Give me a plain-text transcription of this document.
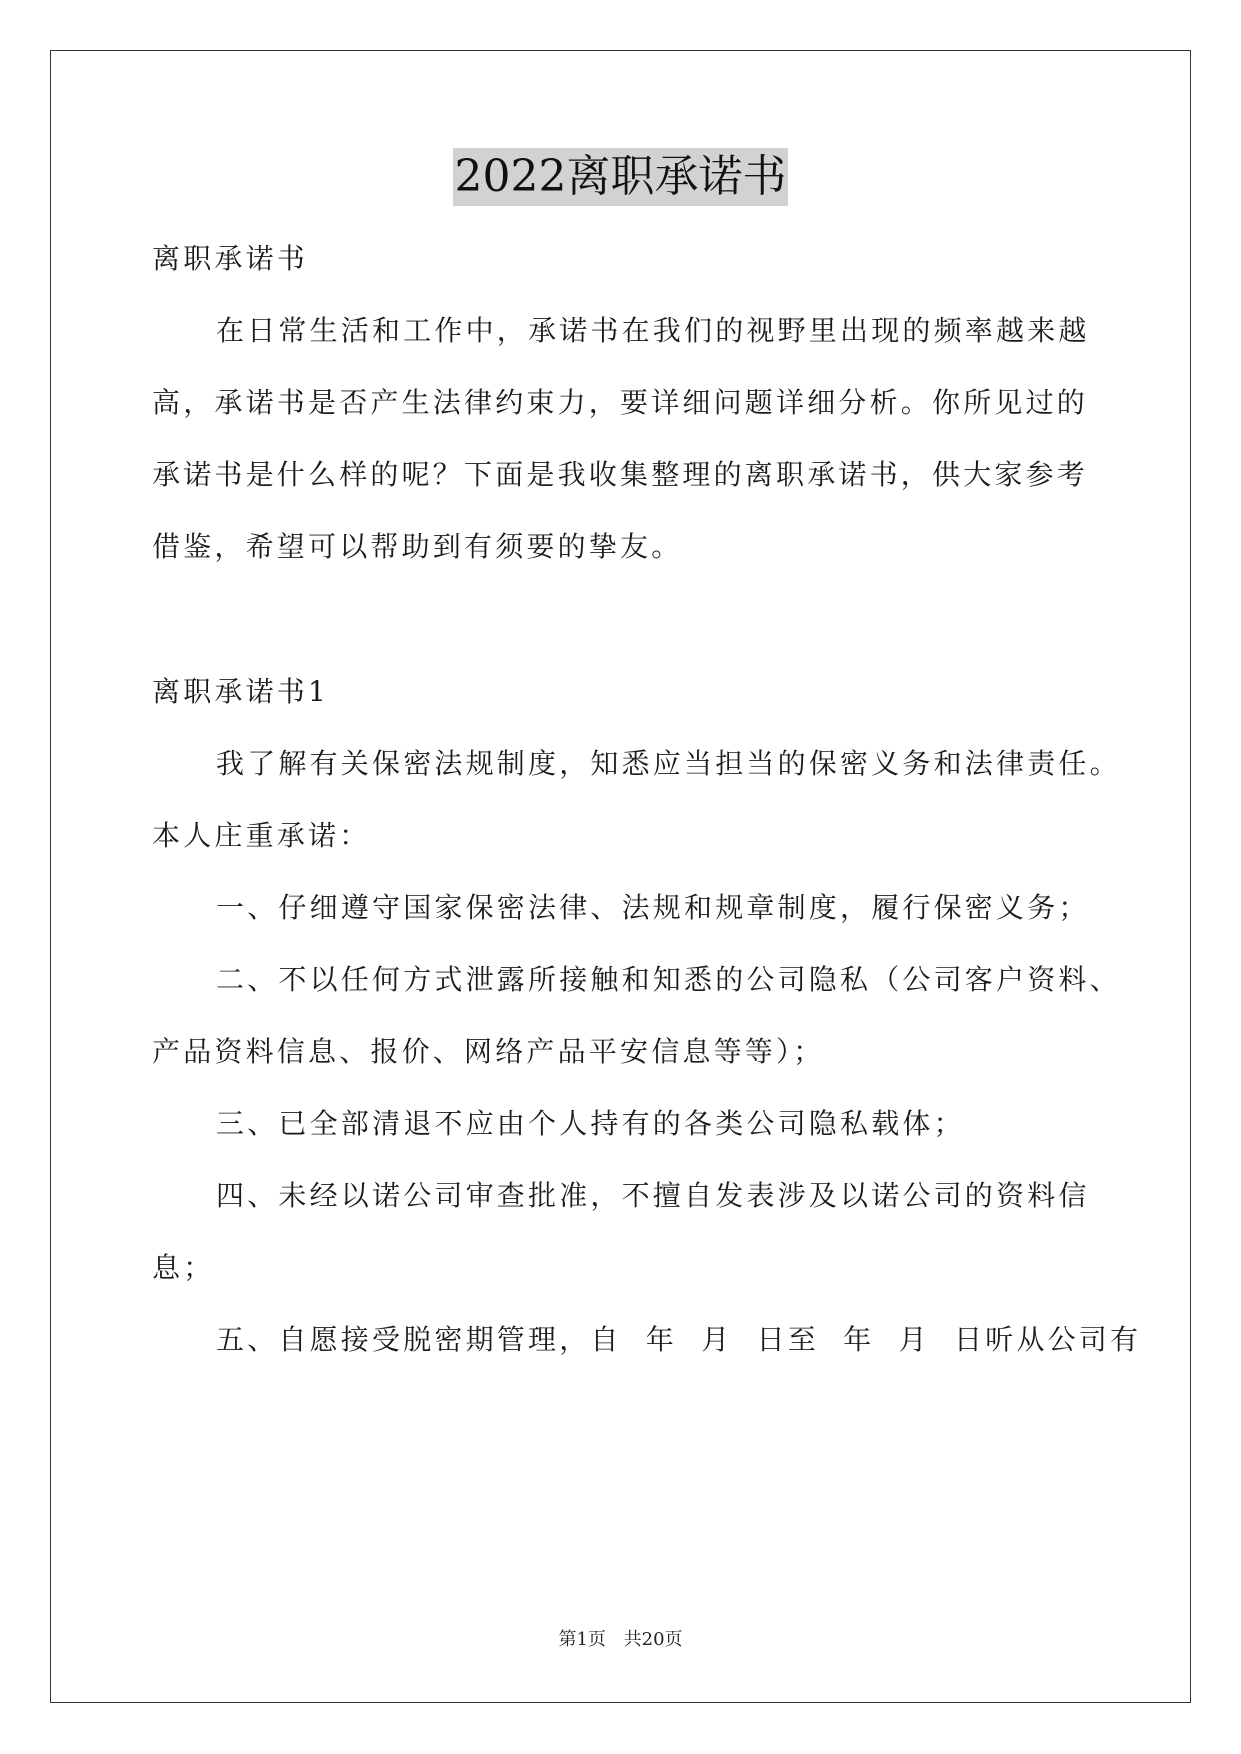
2022离职承诺书
离职承诺书
在日常生活和工作中，承诺书在我们的视野里出现的频率越来越
高，承诺书是否产生法律约束力，要详细问题详细分析。你所见过的
承诺书是什么样的呢？下面是我收集整理的离职承诺书，供大家参考
借鉴，希望可以帮助到有须要的挚友。
离职承诺书1
我了解有关保密法规制度，知悉应当担当的保密义务和法律责任。
本人庄重承诺：
一、仔细遵守国家保密法律、法规和规章制度，履行保密义务；
二、不以任何方式泄露所接触和知悉的公司隐私（公司客户资料、
产品资料信息、报价、网络产品平安信息等等）；
三、已全部清退不应由个人持有的各类公司隐私载体；
四、未经以诺公司审查批准，不擅自发表涉及以诺公司的资料信
息；
五、自愿接受脱密期管理，自  年  月  日至  年  月  日听从公司有
第1页 共20页
